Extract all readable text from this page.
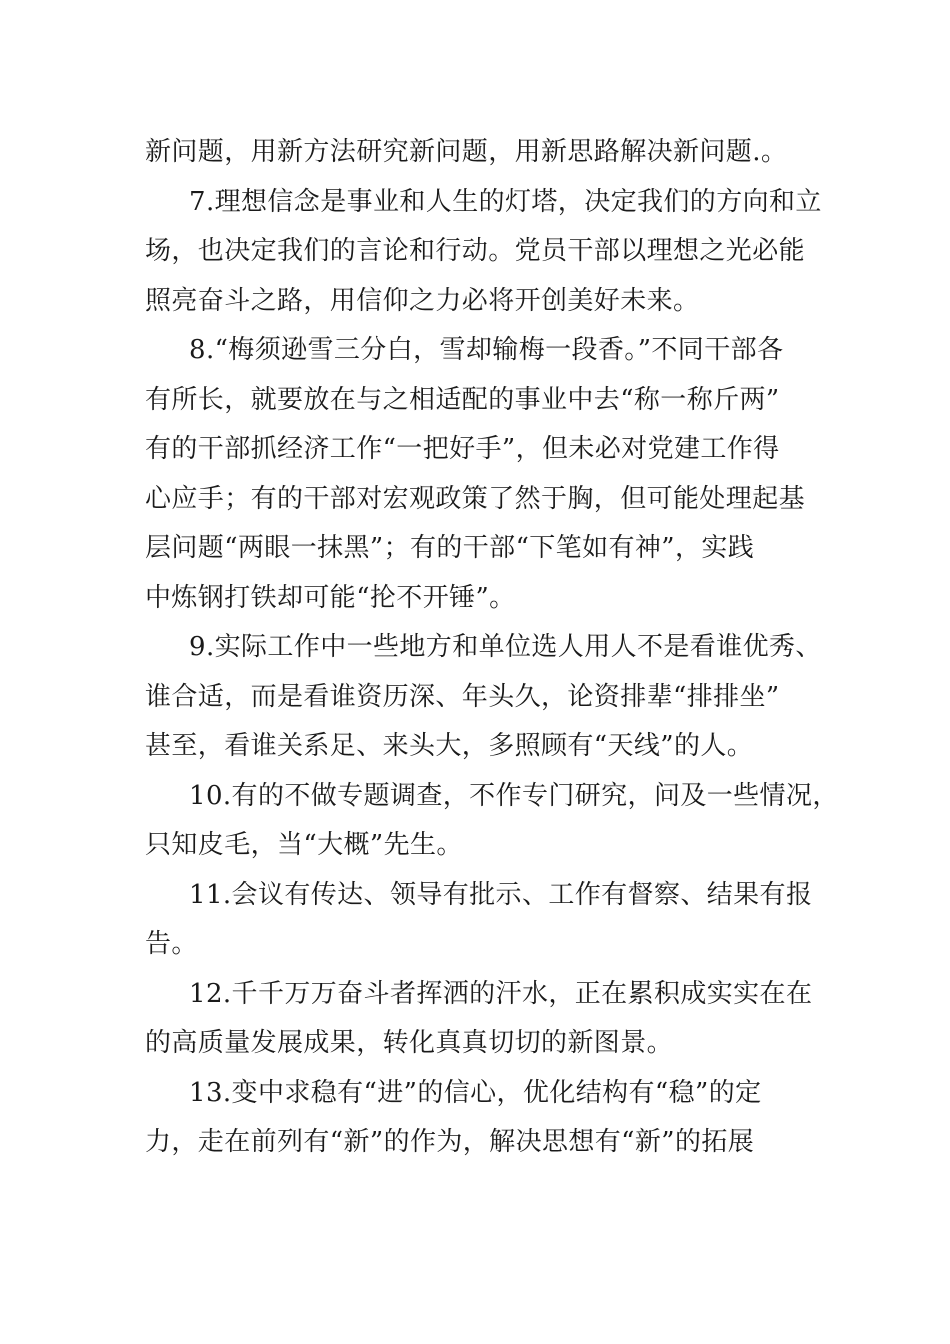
新问题，用新方法研究新问题，用新思路解决新问题.。

7.理想信念是事业和人生的灯塔，决定我们的方向和立
场，也决定我们的言论和行动。党员干部以理想之光必能
照亮奋斗之路，用信仰之力必将开创美好未来。

8.“梅须逊雪三分白，雪却输梅一段香。”不同干部各
有所长，就要放在与之相适配的事业中去“称一称斤两”
有的干部抓经济工作“一把好手”，但未必对党建工作得
心应手；有的干部对宏观政策了然于胸，但可能处理起基
层问题“两眼一抹黑”；有的干部“下笔如有神”，实践
中炼钢打铁却可能“抡不开锤”。

9.实际工作中一些地方和单位选人用人不是看谁优秀、
谁合适，而是看谁资历深、年头久，论资排辈“排排坐”
甚至，看谁关系足、来头大，多照顾有“天线”的人。

10.有的不做专题调查，不作专门研究，问及一些情况，
只知皮毛，当“大概”先生。

11.会议有传达、领导有批示、工作有督察、结果有报
告。

12.千千万万奋斗者挥洒的汗水，正在累积成实实在在
的高质量发展成果，转化真真切切的新图景。

13.变中求稳有“进”的信心，优化结构有“稳”的定
力，走在前列有“新”的作为，解决思想有“新”的拓展
